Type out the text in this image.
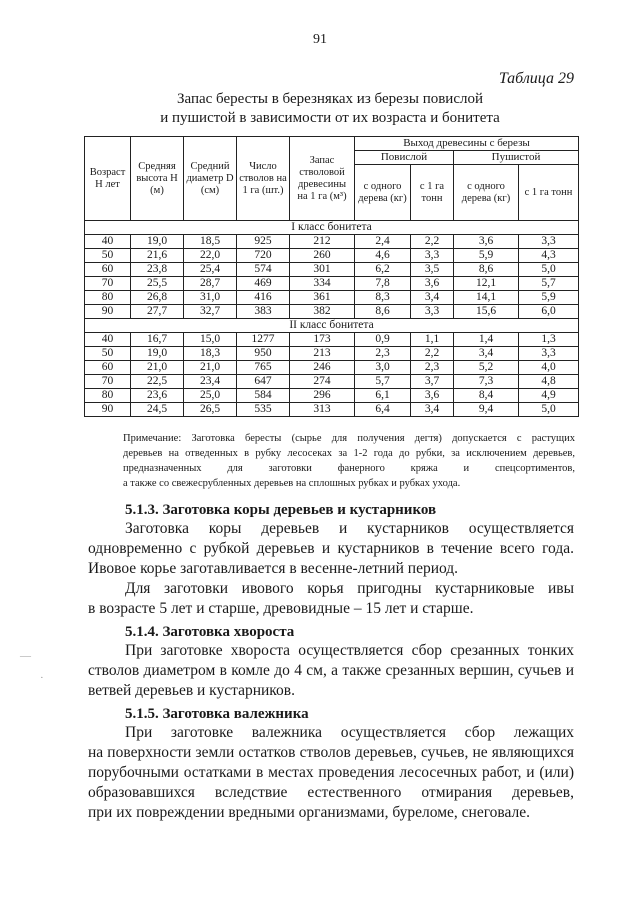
91
Таблица 29
Запас бересты в березняках из березы повислой
и пушистой в зависимости от их возраста и бонитета
Возраст Н лет	Средняя высота Н (м)	Средний диаметр D (см)	Число стволов на 1 га (шт.)	Запас стволовой древесины на 1 га (м³)	Выход древесины с березы			
					Повислой		Пушистой	
					с одного дерева (кг)	с 1 га тонн	с одного дерева (кг)	с 1 га тонн
I класс бонитета								
40	19,0	18,5	925	212	2,4	2,2	3,6	3,3
50	21,6	22,0	720	260	4,6	3,3	5,9	4,3
60	23,8	25,4	574	301	6,2	3,5	8,6	5,0
70	25,5	28,7	469	334	7,8	3,6	12,1	5,7
80	26,8	31,0	416	361	8,3	3,4	14,1	5,9
90	27,7	32,7	383	382	8,6	3,3	15,6	6,0
II класс бонитета								
40	16,7	15,0	1277	173	0,9	1,1	1,4	1,3
50	19,0	18,3	950	213	2,3	2,2	3,4	3,3
60	21,0	21,0	765	246	3,0	2,3	5,2	4,0
70	22,5	23,4	647	274	5,7	3,7	7,3	4,8
80	23,6	25,0	584	296	6,1	3,6	8,4	4,9
90	24,5	26,5	535	313	6,4	3,4	9,4	5,0
Примечание: Заготовка бересты (сырье для получения дегтя) допускается с растущих
деревьев на отведенных в рубку лесосеках за 1-2 года до рубки, за исключением деревьев,
предназначенных для заготовки фанерного кряжа и спецсортиментов,
а также со свежесрубленных деревьев на сплошных рубках и рубках ухода.
5.1.3. Заготовка коры деревьев и кустарников
Заготовка коры деревьев и кустарников осуществляется
одновременно с рубкой деревьев и кустарников в течение всего года.
Ивовое корье заготавливается в весенне-летний период.
Для заготовки ивового корья пригодны кустарниковые ивы
в возрасте 5 лет и старше, древовидные – 15 лет и старше.
5.1.4. Заготовка хвороста
При заготовке хвороста осуществляется сбор срезанных тонких
стволов диаметром в комле до 4 см, а также срезанных вершин, сучьев и
ветвей деревьев и кустарников.
5.1.5. Заготовка валежника
При заготовке валежника осуществляется сбор лежащих
на поверхности земли остатков стволов деревьев, сучьев, не являющихся
порубочными остатками в местах проведения лесосечных работ, и (или)
образовавшихся вследствие естественного отмирания деревьев,
при их повреждении вредными организмами, буреломе, снеговале.
—
·
